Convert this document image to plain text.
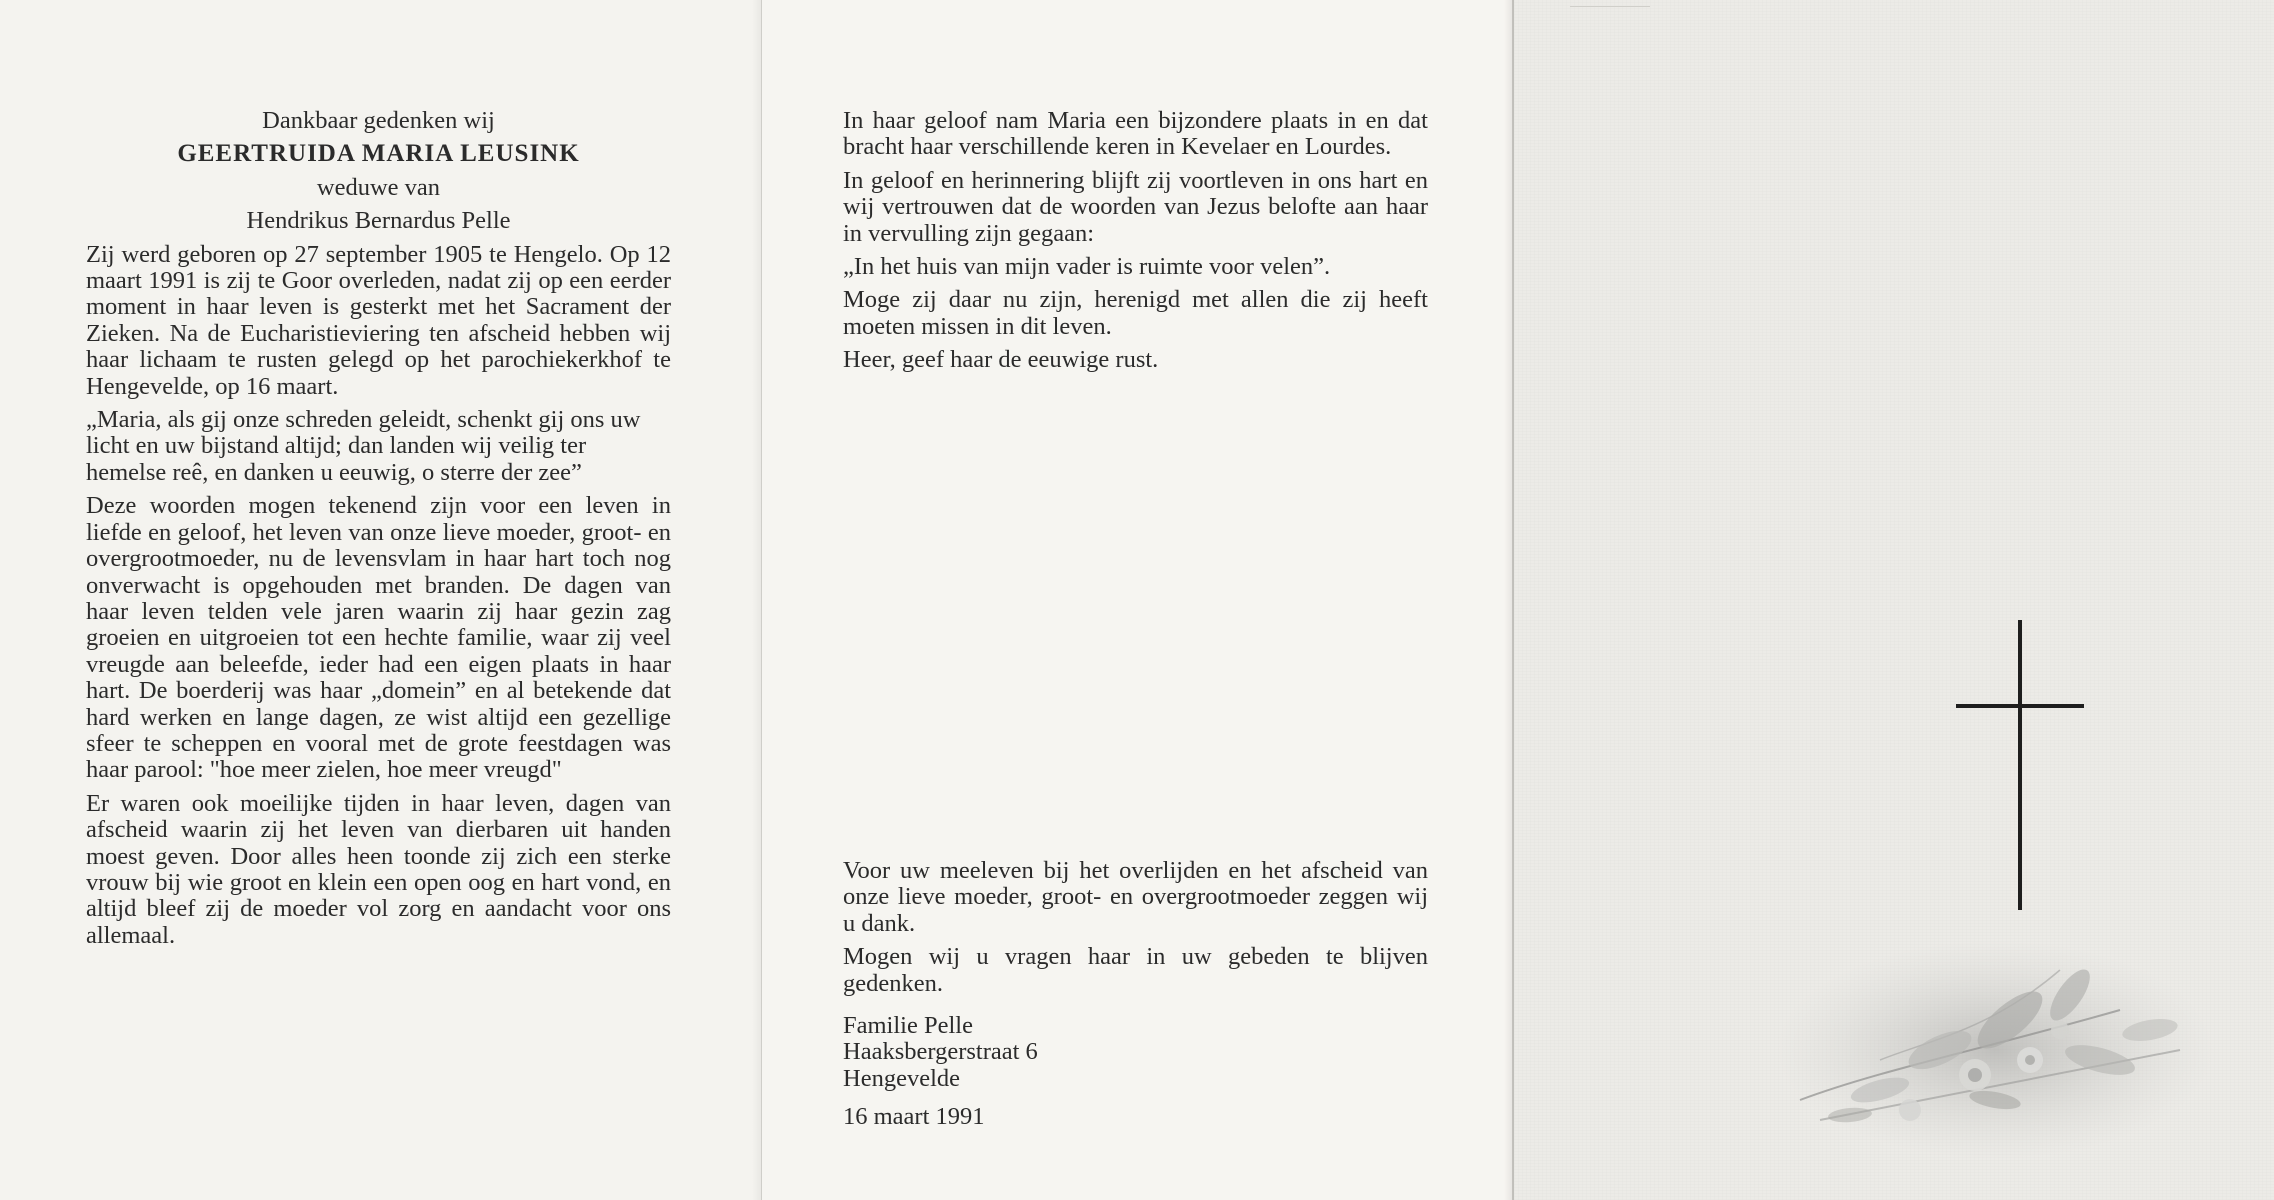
Dankbaar gedenken wij

GEERTRUIDA MARIA LEUSINK

weduwe van

Hendrikus Bernardus Pelle

Zij werd geboren op 27 september 1905 te Hengelo. Op 12 maart 1991 is zij te Goor overleden, nadat zij op een eerder moment in haar leven is gesterkt met het Sacrament der Zieken. Na de Eucharistieviering ten afscheid hebben wij haar lichaam te rusten gelegd op het parochiekerkhof te Hengevelde, op 16 maart.

„Maria, als gij onze schreden geleidt, schenkt gij ons uw licht en uw bijstand altijd; dan landen wij veilig ter hemelse reê, en danken u eeuwig, o sterre der zee”

Deze woorden mogen tekenend zijn voor een leven in liefde en geloof, het leven van onze lieve moeder, groot- en overgrootmoeder, nu de levensvlam in haar hart toch nog onverwacht is opgehouden met branden. De dagen van haar leven telden vele jaren waarin zij haar gezin zag groeien en uitgroeien tot een hechte familie, waar zij veel vreugde aan beleefde, ieder had een eigen plaats in haar hart. De boerderij was haar „domein” en al betekende dat hard werken en lange dagen, ze wist altijd een gezellige sfeer te scheppen en vooral met de grote feestdagen was haar parool: "hoe meer zielen, hoe meer vreugd"

Er waren ook moeilijke tijden in haar leven, dagen van afscheid waarin zij het leven van dierbaren uit handen moest geven. Door alles heen toonde zij zich een sterke vrouw bij wie groot en klein een open oog en hart vond, en altijd bleef zij de moeder vol zorg en aandacht voor ons allemaal.

In haar geloof nam Maria een bijzondere plaats in en dat bracht haar verschillende keren in Kevelaer en Lourdes.

In geloof en herinnering blijft zij voortleven in ons hart en wij vertrouwen dat de woorden van Jezus belofte aan haar in vervulling zijn gegaan:

„In het huis van mijn vader is ruimte voor velen”.

Moge zij daar nu zijn, herenigd met allen die zij heeft moeten missen in dit leven.

Heer, geef haar de eeuwige rust.

Voor uw meeleven bij het overlijden en het afscheid van onze lieve moeder, groot- en overgrootmoeder zeggen wij u dank.

Mogen wij u vragen haar in uw gebeden te blijven gedenken.

Familie Pelle

Haaksbergerstraat 6

Hengevelde

16 maart 1991
